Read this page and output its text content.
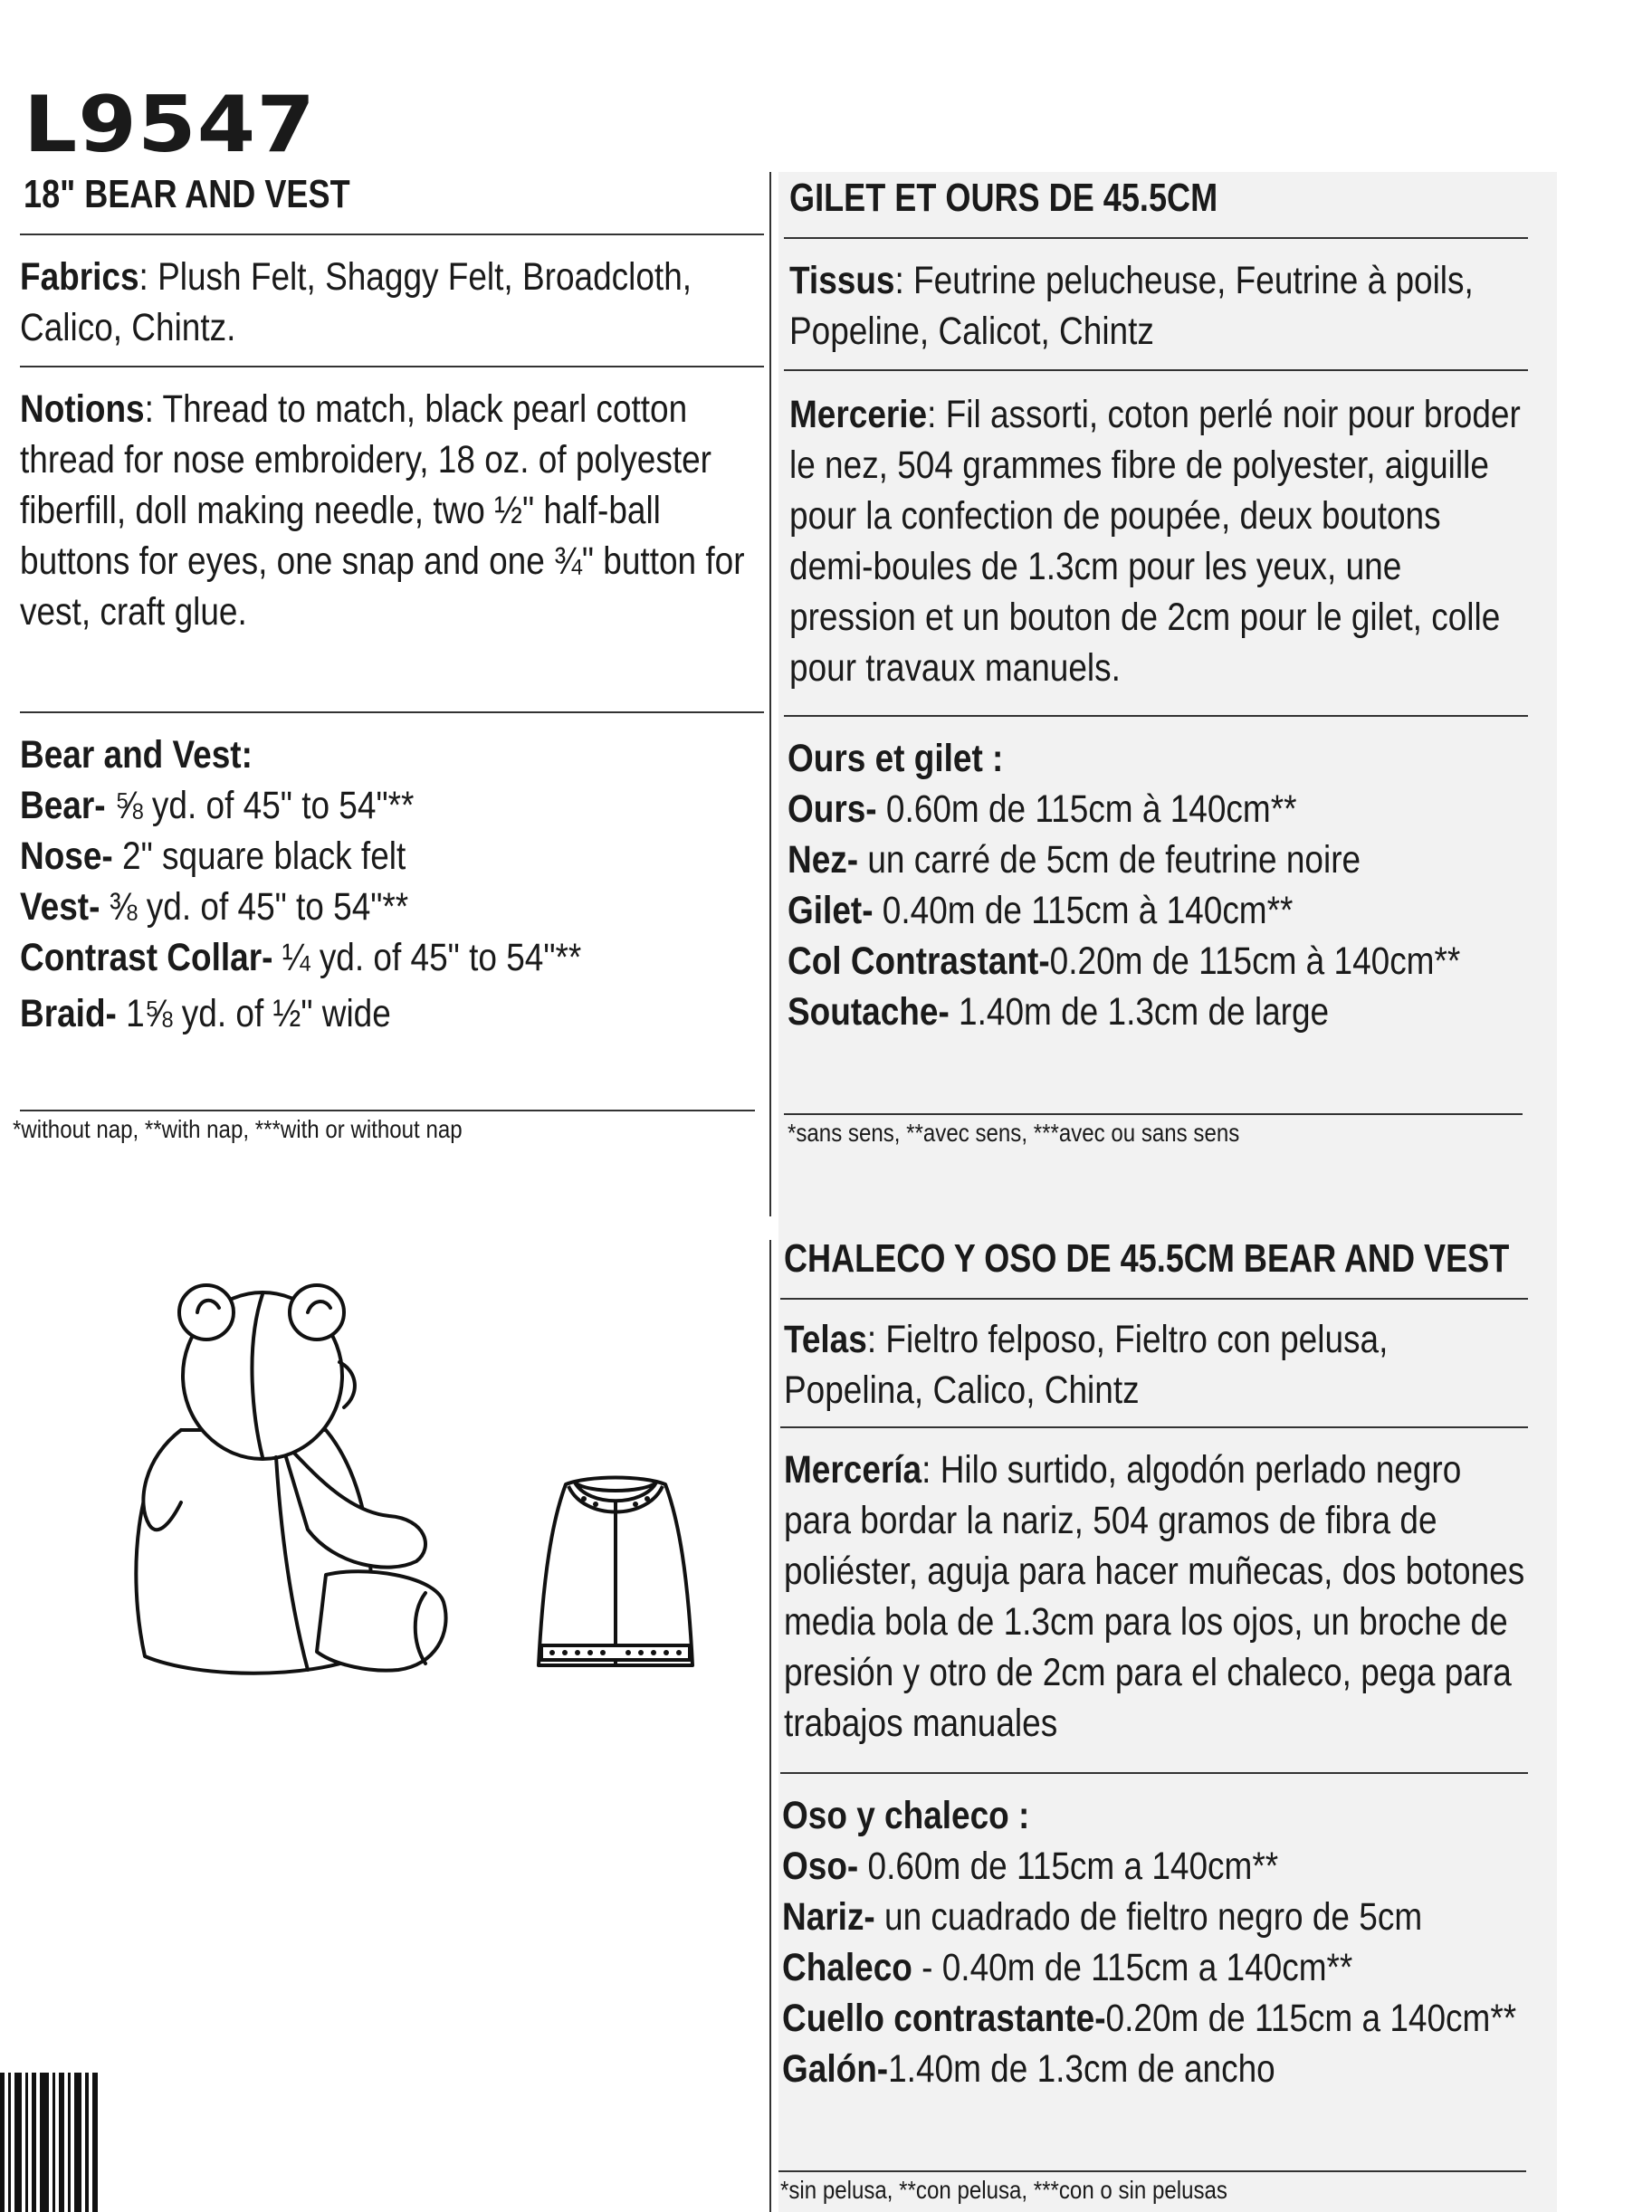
L9547
18" BEAR AND VEST
Fabrics: Plush Felt, Shaggy Felt, Broadcloth, Calico, Chintz.
Notions: Thread to match, black pearl cotton thread for nose embroidery, 18 oz. of polyester fiberfill, doll making needle, two ½" half-ball buttons for eyes, one snap and one ¾" button for vest, craft glue.
Bear and Vest:
Bear- ⅝ yd. of 45" to 54"**
Nose- 2" square black felt
Vest- ⅜ yd. of 45" to 54"**
Contrast Collar- ¼ yd. of 45" to 54"**
Braid- 1⅝ yd. of ½" wide
*without nap, **with nap, ***with or without nap
GILET ET OURS DE 45.5CM
Tissus: Feutrine pelucheuse, Feutrine à poils, Popeline, Calicot, Chintz
Mercerie: Fil assorti, coton perlé noir pour broder le nez, 504 grammes fibre de polyester, aiguille pour la confection de poupée, deux boutons demi-boules de 1.3cm pour les yeux, une pression et un bouton de 2cm pour le gilet, colle pour travaux manuels.
Ours et gilet :
Ours- 0.60m de 115cm à 140cm**
Nez- un carré de 5cm de feutrine noire
Gilet- 0.40m de 115cm à 140cm**
Col Contrastant-0.20m de 115cm à 140cm**
Soutache- 1.40m de 1.3cm de large
*sans sens, **avec sens, ***avec ou sans sens
CHALECO Y OSO DE 45.5CM BEAR AND VEST
Telas: Fieltro felposo, Fieltro con pelusa, Popelina, Calico, Chintz
Mercería: Hilo surtido, algodón perlado negro para bordar la nariz, 504 gramos de fibra de poliéster, aguja para hacer muñecas, dos botones media bola de 1.3cm para los ojos, un broche de presión y otro de 2cm para el chaleco, pega para trabajos manuales
Oso y chaleco :
Oso- 0.60m de 115cm a 140cm**
Nariz- un cuadrado de fieltro negro de 5cm
Chaleco - 0.40m de 115cm a 140cm**
Cuello contrastante-0.20m de 115cm a 140cm**
Galón-1.40m de 1.3cm de ancho
*sin pelusa, **con pelusa, ***con o sin pelusas
